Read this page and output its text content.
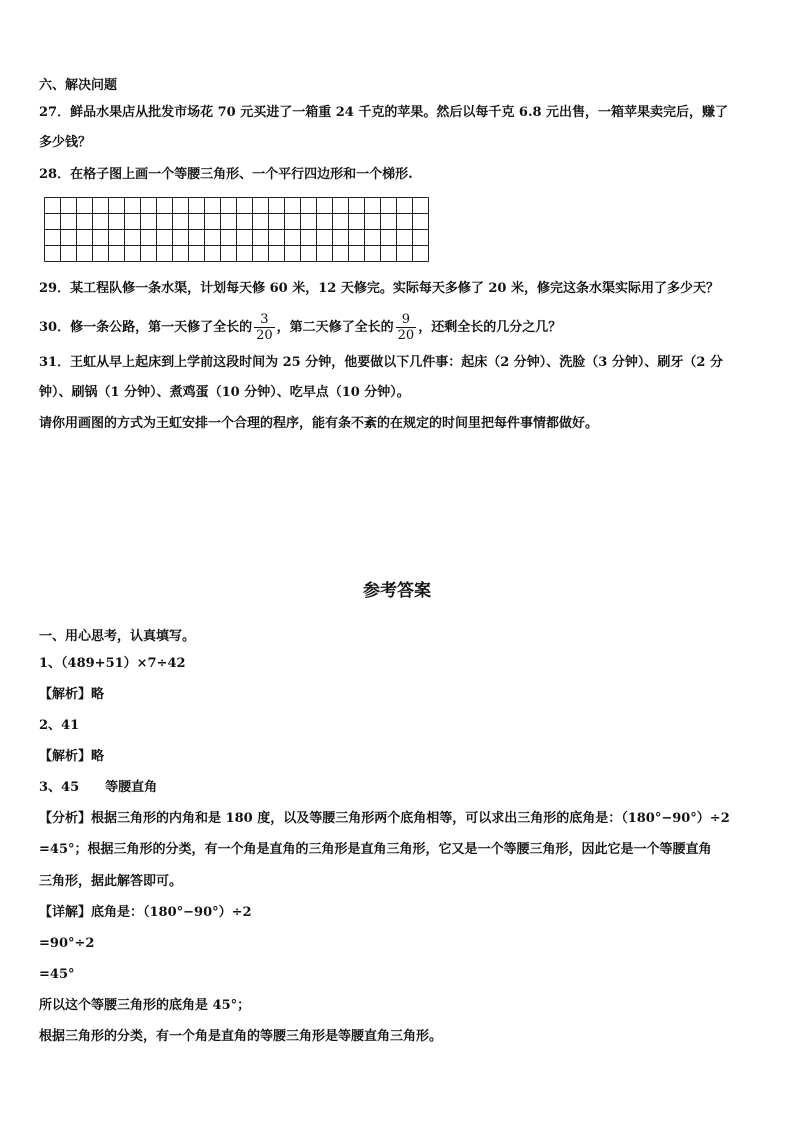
六、解决问题
27．鲜品水果店从批发市场花 70 元买进了一箱重 24 千克的苹果。然后以每千克 6.8 元出售，一箱苹果卖完后，赚了
多少钱？
28．在格子图上画一个等腰三角形、一个平行四边形和一个梯形.
29．某工程队修一条水渠，计划每天修 60 米，12 天修完。实际每天多修了 20 米，修完这条水渠实际用了多少天？
30．修一条公路，第一天修了全长的 $\frac{3}{20}$ ，第二天修了全长的 $\frac{9}{20}$ ，还剩全长的几分之几？
31．王虹从早上起床到上学前这段时间为 25 分钟，他要做以下几件事：起床（2 分钟）、洗脸（3 分钟）、刷牙（2 分
钟）、刷锅（1 分钟）、煮鸡蛋（10 分钟）、吃早点（10 分钟）。
请你用画图的方式为王虹安排一个合理的程序，能有条不紊的在规定的时间里把每件事情都做好。
参考答案
一、用心思考，认真填写。
1、（489+51）×7÷42
【解析】略
2、41
【解析】略
3、45　　等腰直角
【分析】根据三角形的内角和是 180 度，以及等腰三角形两个底角相等，可以求出三角形的底角是：（180°−90°）÷2
=45°；根据三角形的分类，有一个角是直角的三角形是直角三角形，它又是一个等腰三角形，因此它是一个等腰直角
三角形，据此解答即可。
【详解】底角是：（180°−90°）÷2
=90°÷2
=45°
所以这个等腰三角形的底角是 45°；
根据三角形的分类，有一个角是直角的等腰三角形是等腰直角三角形。
